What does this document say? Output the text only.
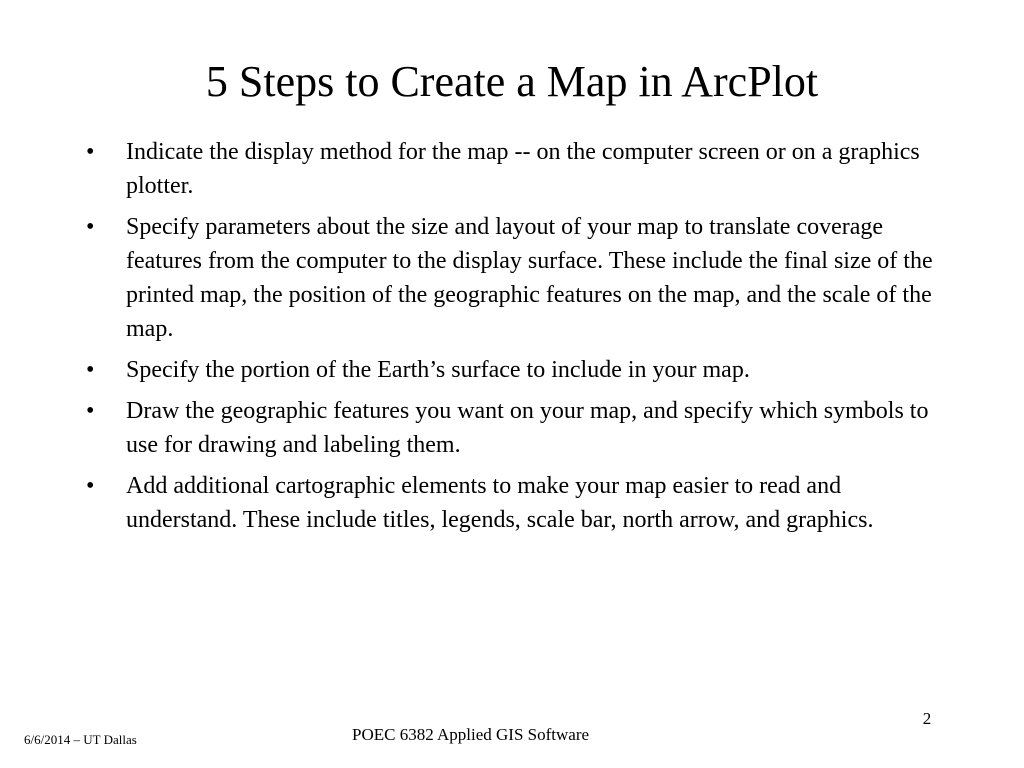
5 Steps to Create a Map in ArcPlot
•	Indicate the display method for the map -- on the computer screen or on a graphics plotter.
•	Specify parameters about the size and layout of your map to translate coverage features from the computer to the display surface. These include the final size of the printed map, the position of the geographic features on the map, and the scale of the map.
•	Specify the portion of the Earth’s surface to include in your map.
•	Draw the geographic features you want on your map, and specify which symbols to use for drawing and labeling them.
•	Add additional cartographic elements to make your map easier to read and understand. These include titles, legends, scale bar, north arrow, and graphics.
6/6/2014 – UT Dallas	POEC 6382 Applied GIS Software
2
